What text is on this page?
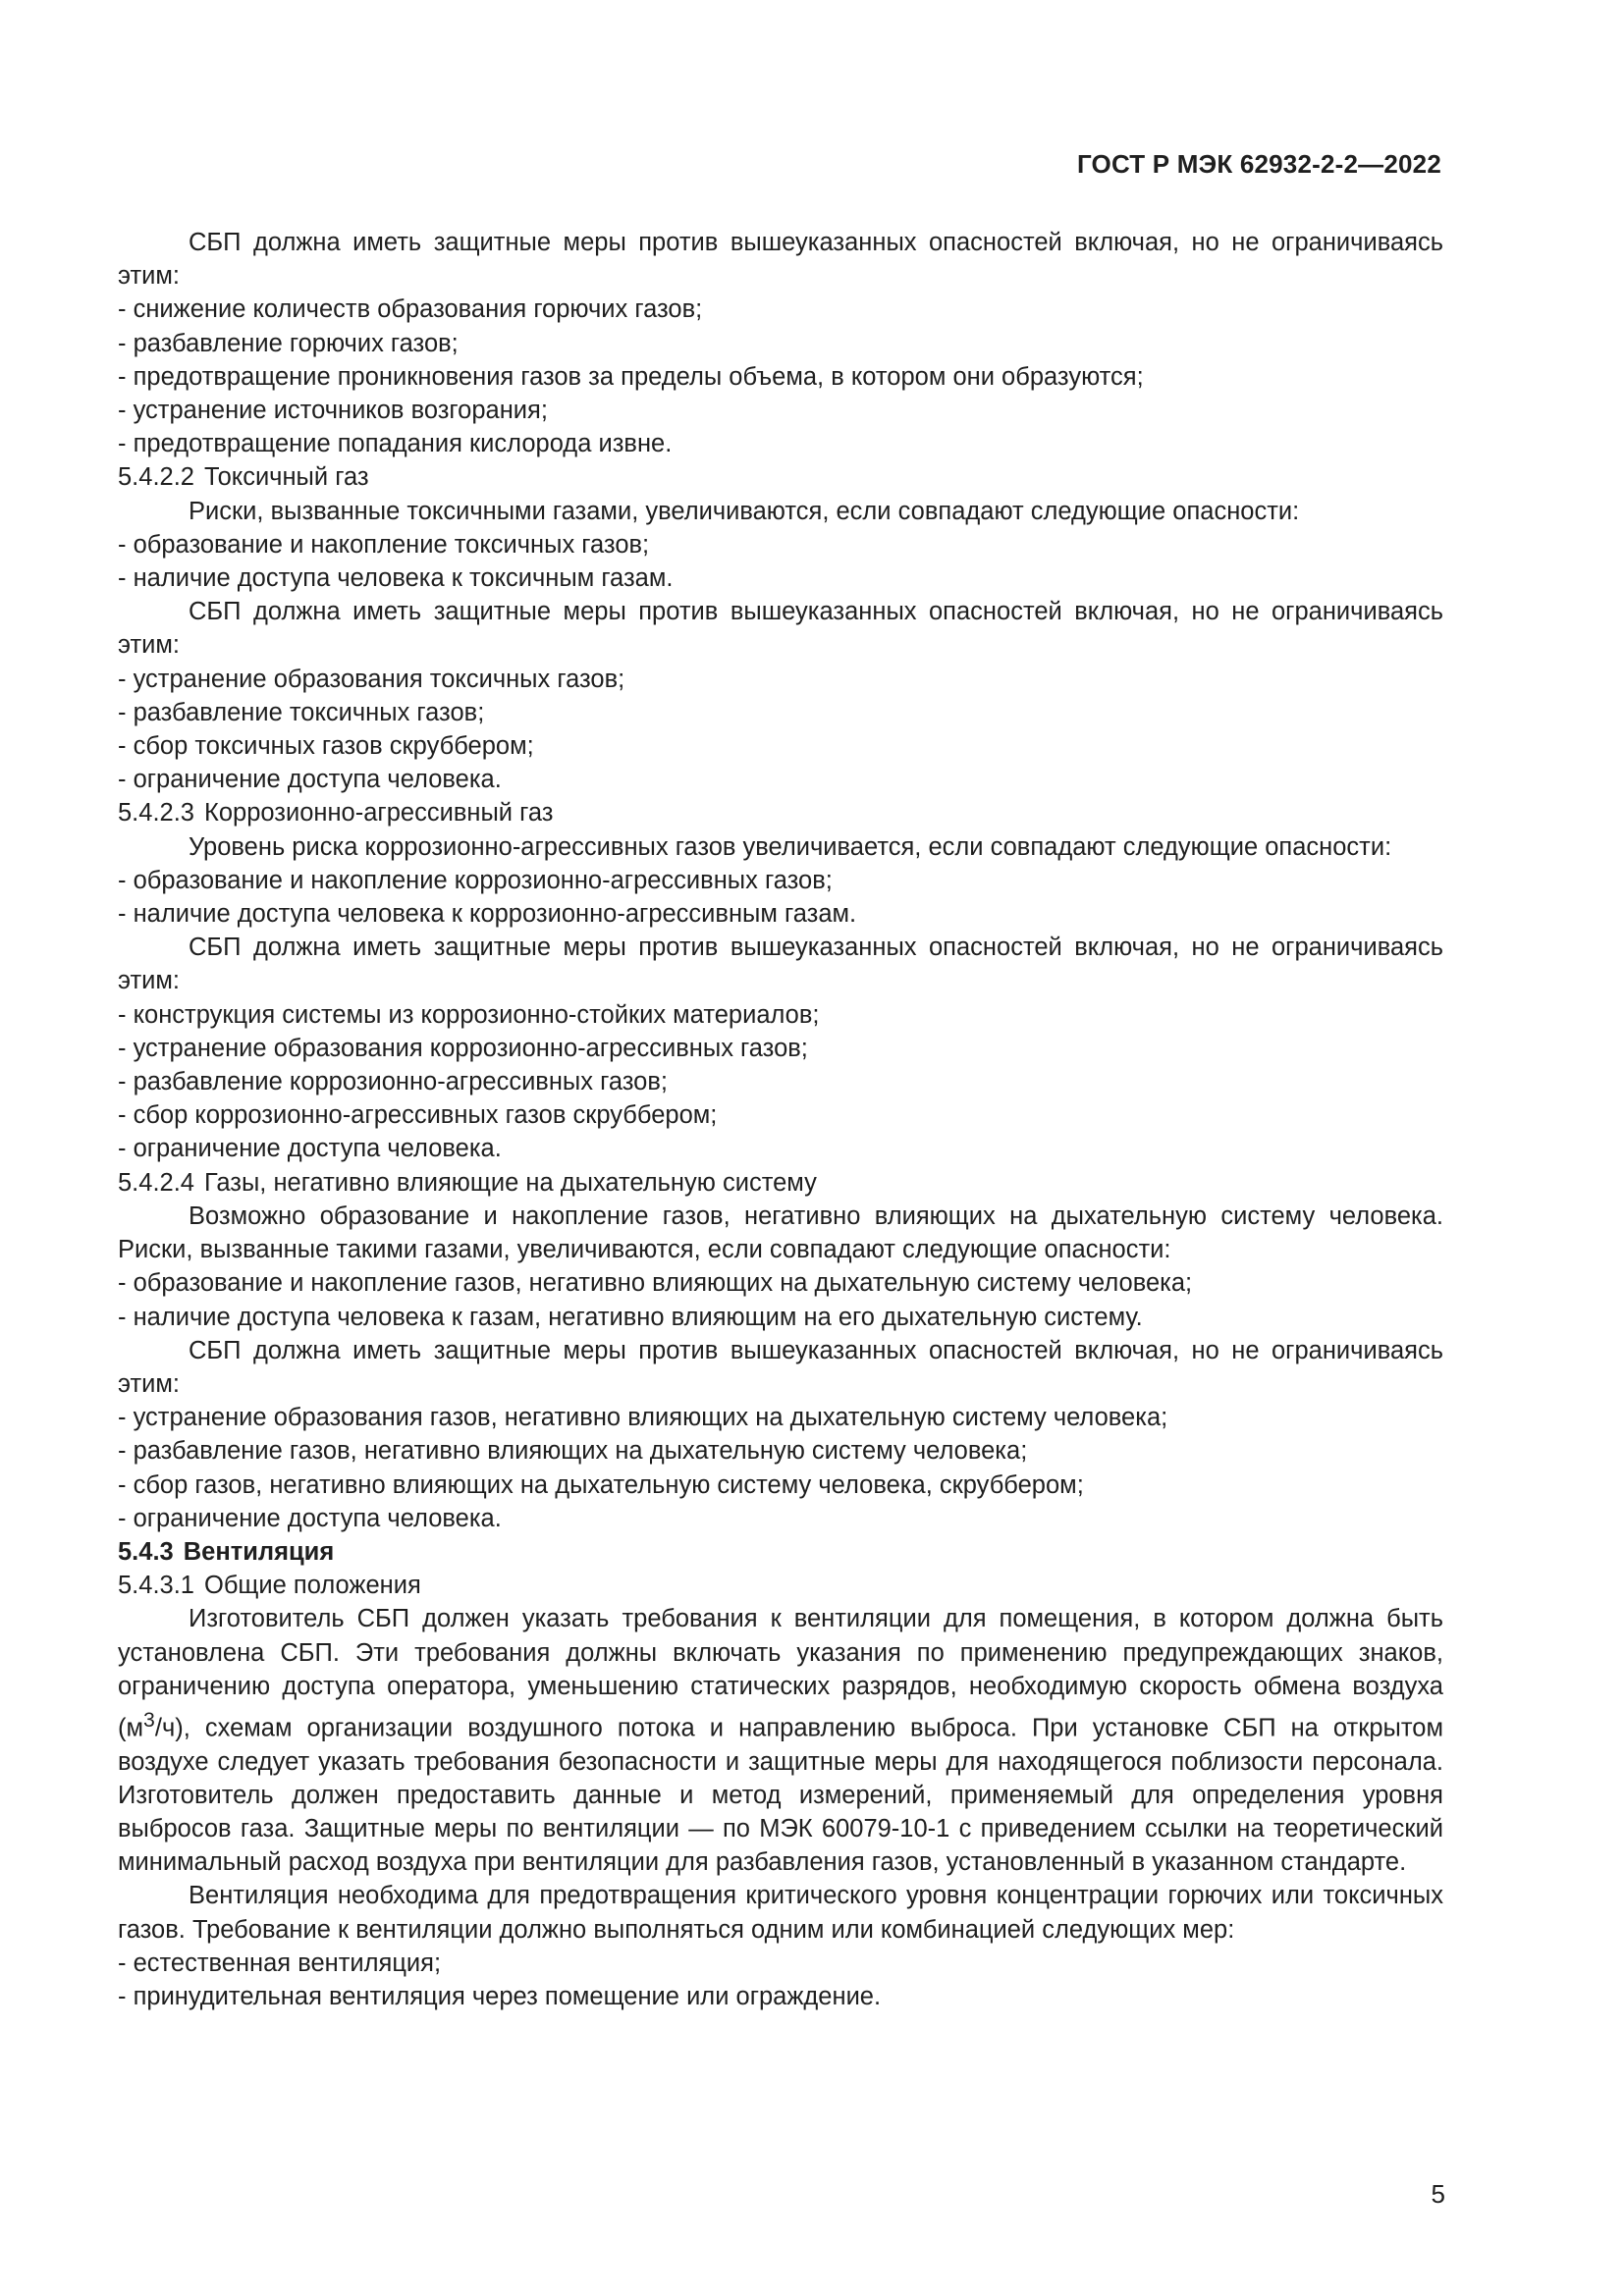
ГОСТ Р МЭК 62932-2-2—2022

СБП должна иметь защитные меры против вышеуказанных опасностей включая, но не ограничиваясь этим:

- снижение количеств образования горючих газов;

- разбавление горючих газов;

- предотвращение проникновения газов за пределы объема, в котором они образуются;

- устранение источников возгорания;

- предотвращение попадания кислорода извне.

5.4.2.2 Токсичный газ

Риски, вызванные токсичными газами, увеличиваются, если совпадают следующие опасности:

- образование и накопление токсичных газов;

- наличие доступа человека к токсичным газам.

СБП должна иметь защитные меры против вышеуказанных опасностей включая, но не ограничиваясь этим:

- устранение образования токсичных газов;

- разбавление токсичных газов;

- сбор токсичных газов скруббером;

- ограничение доступа человека.

5.4.2.3 Коррозионно-агрессивный газ

Уровень риска коррозионно-агрессивных газов увеличивается, если совпадают следующие опасности:

- образование и накопление коррозионно-агрессивных газов;

- наличие доступа человека к коррозионно-агрессивным газам.

СБП должна иметь защитные меры против вышеуказанных опасностей включая, но не ограничиваясь этим:

- конструкция системы из коррозионно-стойких материалов;

- устранение образования коррозионно-агрессивных газов;

- разбавление коррозионно-агрессивных газов;

- сбор коррозионно-агрессивных газов скруббером;

- ограничение доступа человека.

5.4.2.4 Газы, негативно влияющие на дыхательную систему

Возможно образование и накопление газов, негативно влияющих на дыхательную систему человека. Риски, вызванные такими газами, увеличиваются, если совпадают следующие опасности:

- образование и накопление газов, негативно влияющих на дыхательную систему человека;

- наличие доступа человека к газам, негативно влияющим на его дыхательную систему.

СБП должна иметь защитные меры против вышеуказанных опасностей включая, но не ограничиваясь этим:

- устранение образования газов, негативно влияющих на дыхательную систему человека;

- разбавление газов, негативно влияющих на дыхательную систему человека;

- сбор газов, негативно влияющих на дыхательную систему человека, скруббером;

- ограничение доступа человека.

5.4.3 Вентиляция

5.4.3.1 Общие положения

Изготовитель СБП должен указать требования к вентиляции для помещения, в котором должна быть установлена СБП. Эти требования должны включать указания по применению предупреждающих знаков, ограничению доступа оператора, уменьшению статических разрядов, необходимую скорость обмена воздуха $(м^3/ч)$, схемам организации воздушного потока и направлению выброса. При установке СБП на открытом воздухе следует указать требования безопасности и защитные меры для находящегося поблизости персонала. Изготовитель должен предоставить данные и метод измерений, применяемый для определения уровня выбросов газа. Защитные меры по вентиляции — по МЭК 60079-10-1 с приведением ссылки на теоретический минимальный расход воздуха при вентиляции для разбавления газов, установленный в указанном стандарте.

Вентиляция необходима для предотвращения критического уровня концентрации горючих или токсичных газов. Требование к вентиляции должно выполняться одним или комбинацией следующих мер:

- естественная вентиляция;

- принудительная вентиляция через помещение или ограждение.

5
